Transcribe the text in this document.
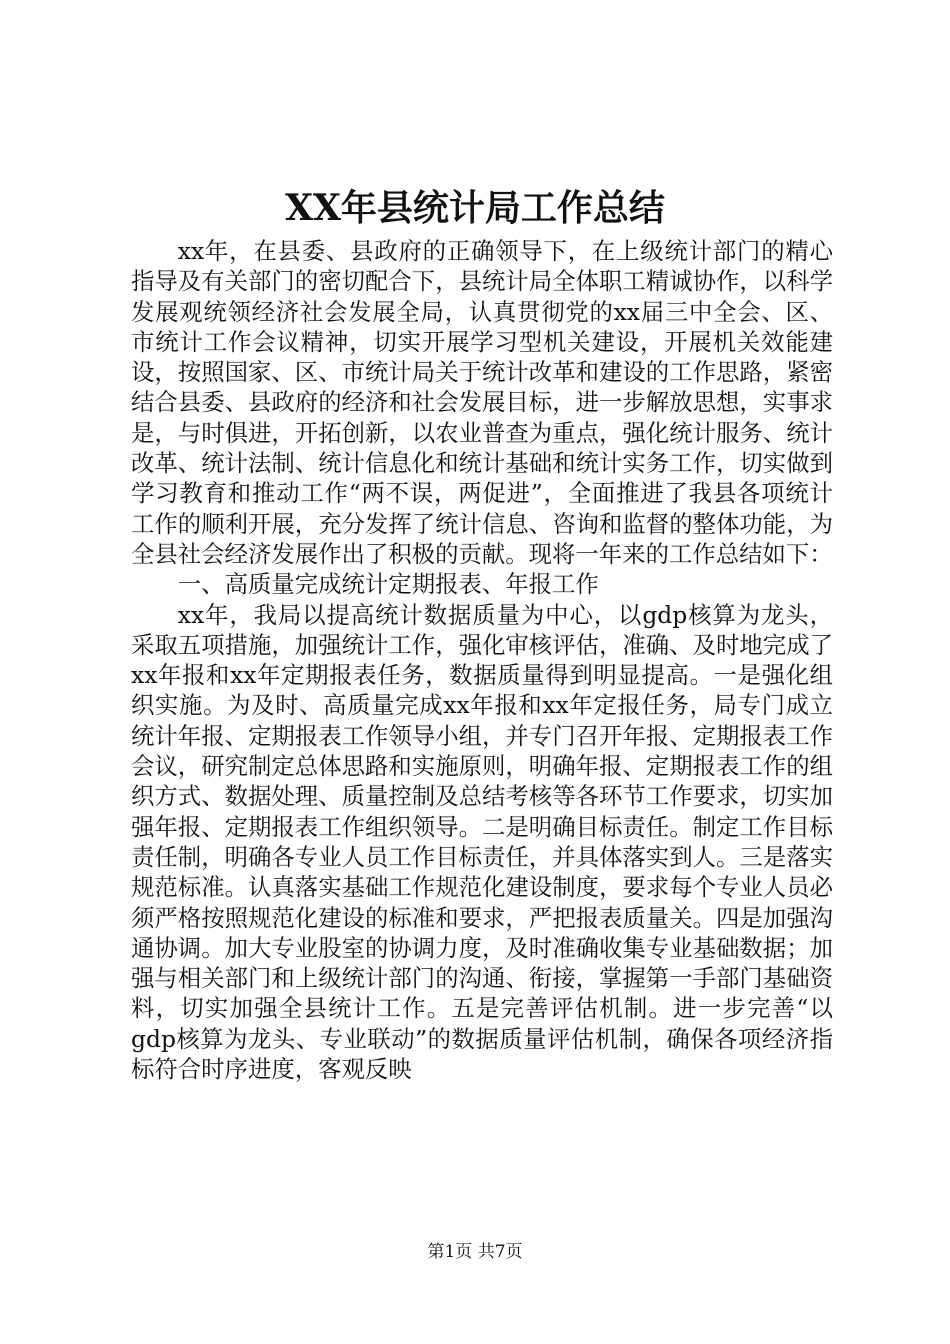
XX年县统计局工作总结

xx年，在县委、县政府的正确领导下，在上级统计部门的精心指导及有关部门的密切配合下，县统计局全体职工精诚协作，以科学发展观统领经济社会发展全局，认真贯彻党的xx届三中全会、区、市统计工作会议精神，切实开展学习型机关建设，开展机关效能建设，按照国家、区、市统计局关于统计改革和建设的工作思路，紧密结合县委、县政府的经济和社会发展目标，进一步解放思想，实事求是，与时俱进，开拓创新，以农业普查为重点，强化统计服务、统计改革、统计法制、统计信息化和统计基础和统计实务工作，切实做到学习教育和推动工作“两不误，两促进”，全面推进了我县各项统计工作的顺利开展，充分发挥了统计信息、咨询和监督的整体功能，为全县社会经济发展作出了积极的贡献。现将一年来的工作总结如下：

一、高质量完成统计定期报表、年报工作

xx年，我局以提高统计数据质量为中心，以gdp核算为龙头，采取五项措施，加强统计工作，强化审核评估，准确、及时地完成了xx年报和xx年定期报表任务，数据质量得到明显提高。一是强化组织实施。为及时、高质量完成xx年报和xx年定报任务，局专门成立统计年报、定期报表工作领导小组，并专门召开年报、定期报表工作会议，研究制定总体思路和实施原则，明确年报、定期报表工作的组织方式、数据处理、质量控制及总结考核等各环节工作要求，切实加强年报、定期报表工作组织领导。二是明确目标责任。制定工作目标责任制，明确各专业人员工作目标责任，并具体落实到人。三是落实规范标准。认真落实基础工作规范化建设制度，要求每个专业人员必须严格按照规范化建设的标准和要求，严把报表质量关。四是加强沟通协调。加大专业股室的协调力度，及时准确收集专业基础数据；加强与相关部门和上级统计部门的沟通、衔接，掌握第一手部门基础资料，切实加强全县统计工作。五是完善评估机制。进一步完善“以gdp核算为龙头、专业联动”的数据质量评估机制，确保各项经济指标符合时序进度，客观反映

第1页 共7页
